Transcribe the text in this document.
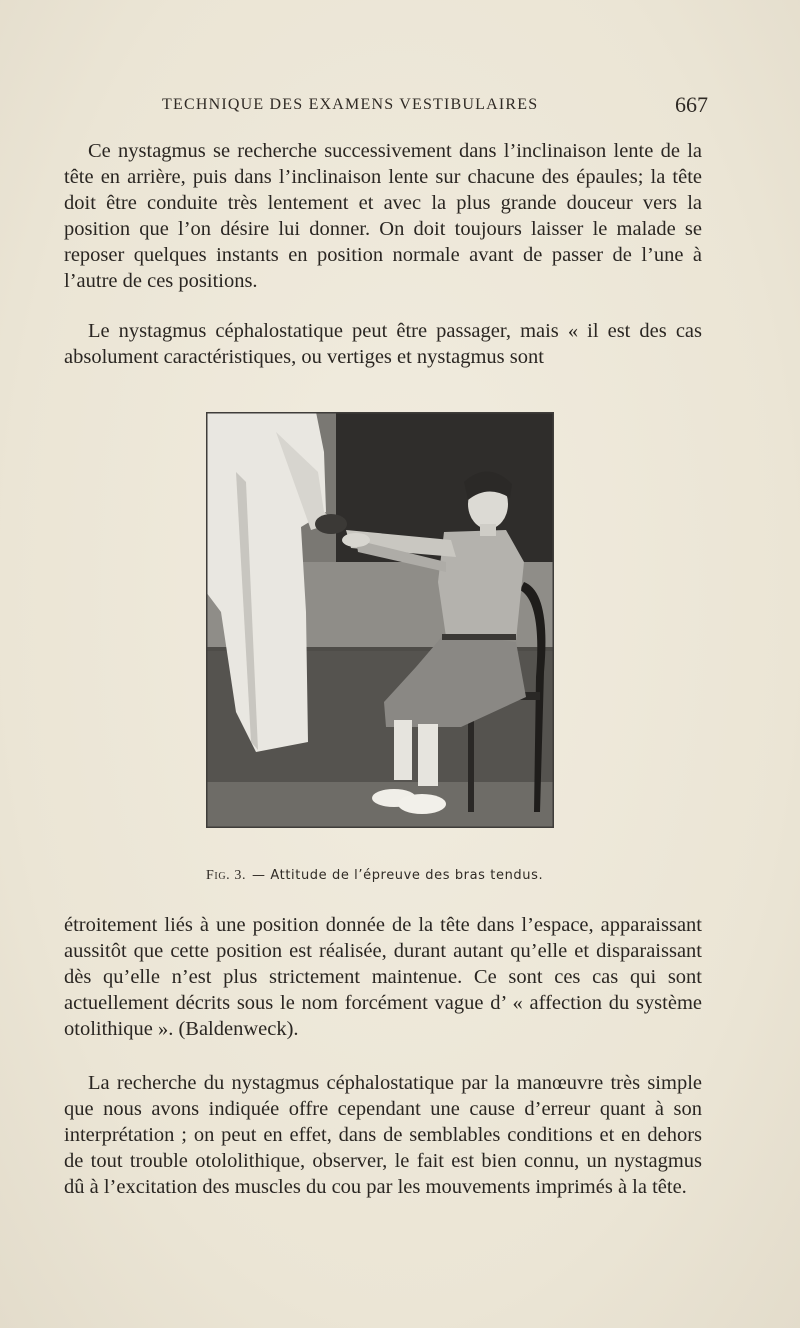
TECHNIQUE DES EXAMENS VESTIBULAIRES	667

Ce nystagmus se recherche successivement dans l’inclinaison lente de la tête en arrière, puis dans l’inclinaison lente sur chacune des épaules; la tête doit être conduite très lentement et avec la plus grande douceur vers la position que l’on désire lui donner. On doit toujours laisser le malade se reposer quelques instants en position normale avant de passer de l’une à l’autre de ces positions.

Le nystagmus céphalostatique peut être passager, mais « il est des cas absolument caractéristiques, ou vertiges et nystagmus sont

Fig. 3. — Attitude de l’épreuve des bras tendus.

étroitement liés à une position donnée de la tête dans l’espace, apparaissant aussitôt que cette position est réalisée, durant autant qu’elle et disparaissant dès qu’elle n’est plus strictement maintenue. Ce sont ces cas qui sont actuellement décrits sous le nom forcément vague d’ « affection du système otolithique ». (Baldenweck).

La recherche du nystagmus céphalostatique par la manœuvre très simple que nous avons indiquée offre cependant une cause d’erreur quant à son interprétation ; on peut en effet, dans de semblables conditions et en dehors de tout trouble otololithique, observer, le fait est bien connu, un nystagmus dû à l’excitation des muscles du cou par les mouvements imprimés à la tête.
